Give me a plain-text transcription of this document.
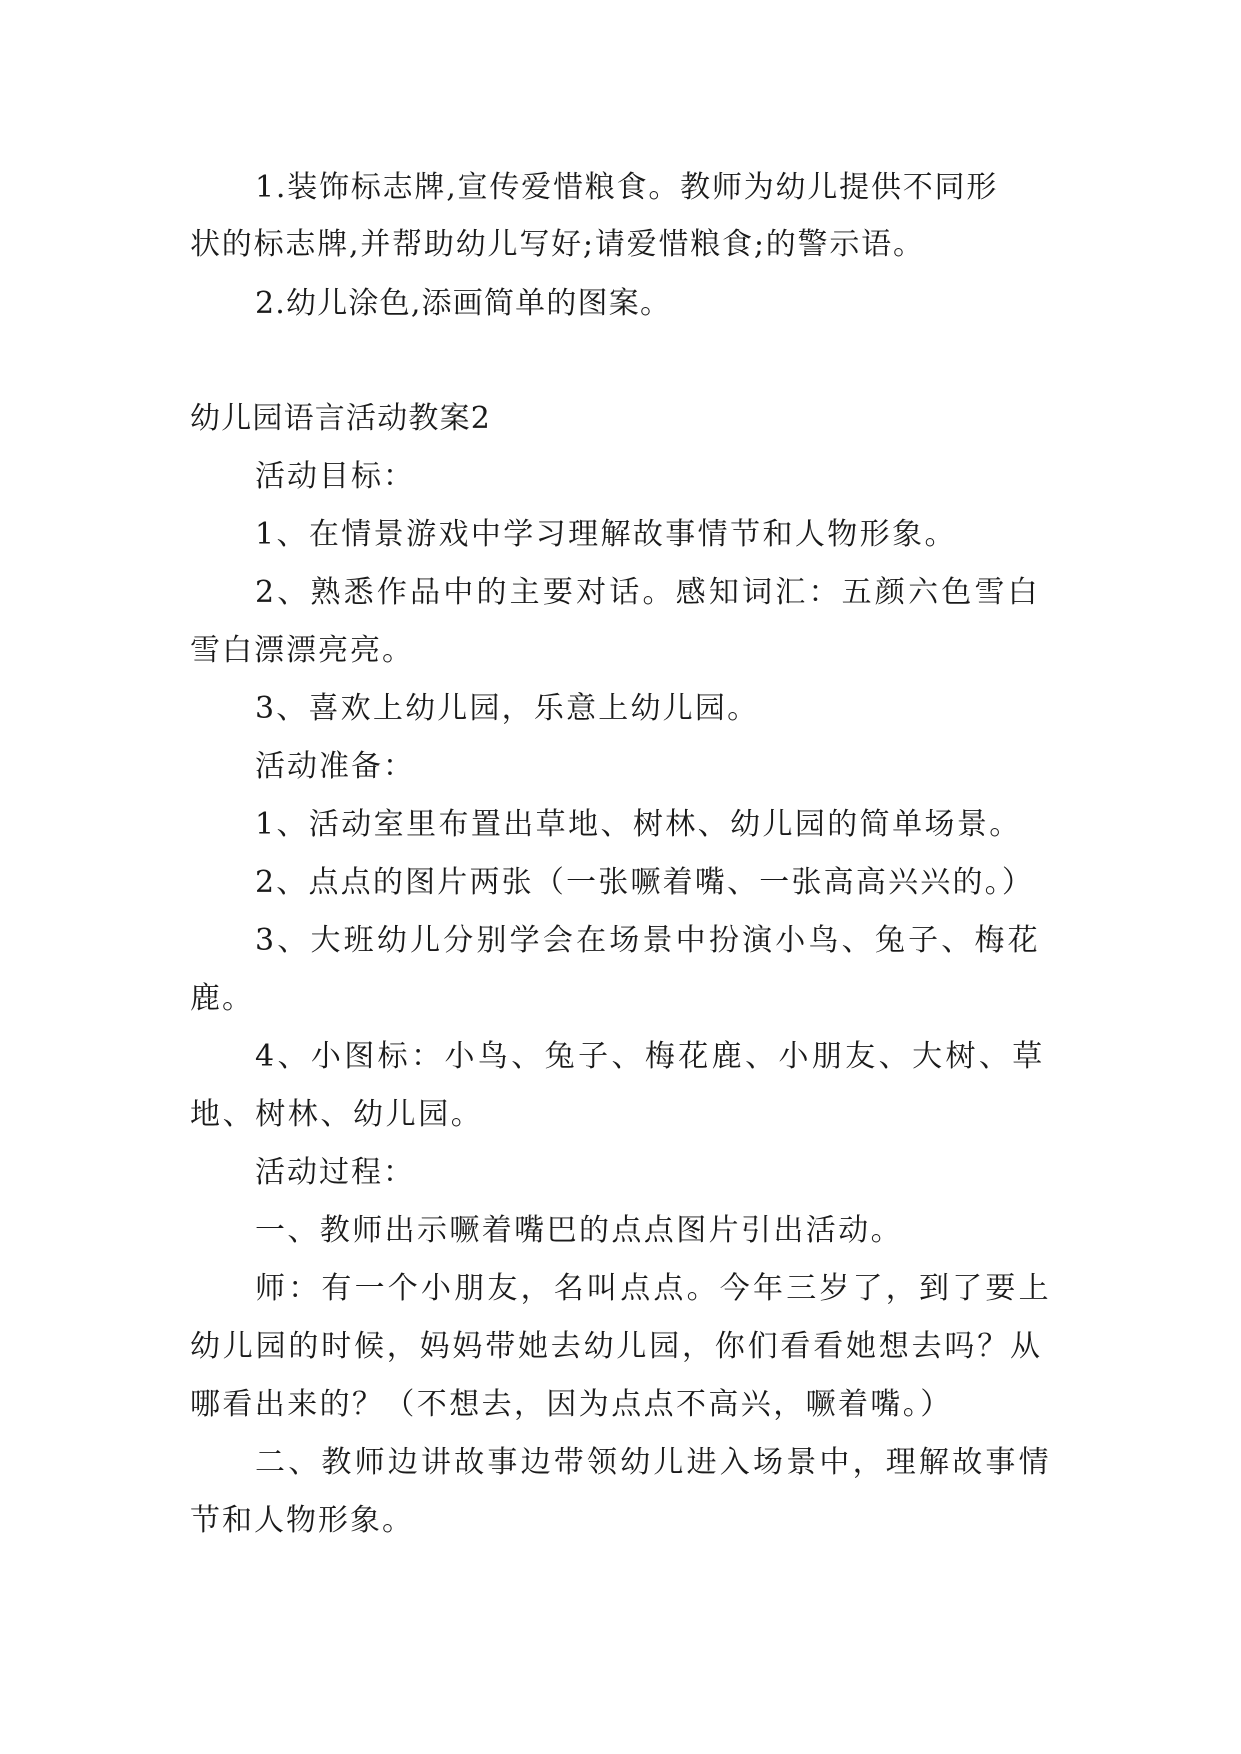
1.装饰标志牌,宣传爱惜粮食。教师为幼儿提供不同形

状的标志牌,并帮助幼儿写好;请爱惜粮食;的警示语。

2.幼儿涂色,添画简单的图案。

幼儿园语言活动教案2

活动目标：

1、在情景游戏中学习理解故事情节和人物形象。

2、熟悉作品中的主要对话。感知词汇：五颜六色雪白

雪白漂漂亮亮。

3、喜欢上幼儿园，乐意上幼儿园。

活动准备：

1、活动室里布置出草地、树林、幼儿园的简单场景。

2、点点的图片两张（一张噘着嘴、一张高高兴兴的。）

3、大班幼儿分别学会在场景中扮演小鸟、兔子、梅花

鹿。

4、小图标：小鸟、兔子、梅花鹿、小朋友、大树、草

地、树林、幼儿园。

活动过程：

一、教师出示噘着嘴巴的点点图片引出活动。

师：有一个小朋友，名叫点点。今年三岁了，到了要上

幼儿园的时候，妈妈带她去幼儿园，你们看看她想去吗？从

哪看出来的？（不想去，因为点点不高兴，噘着嘴。）

二、教师边讲故事边带领幼儿进入场景中，理解故事情

节和人物形象。
